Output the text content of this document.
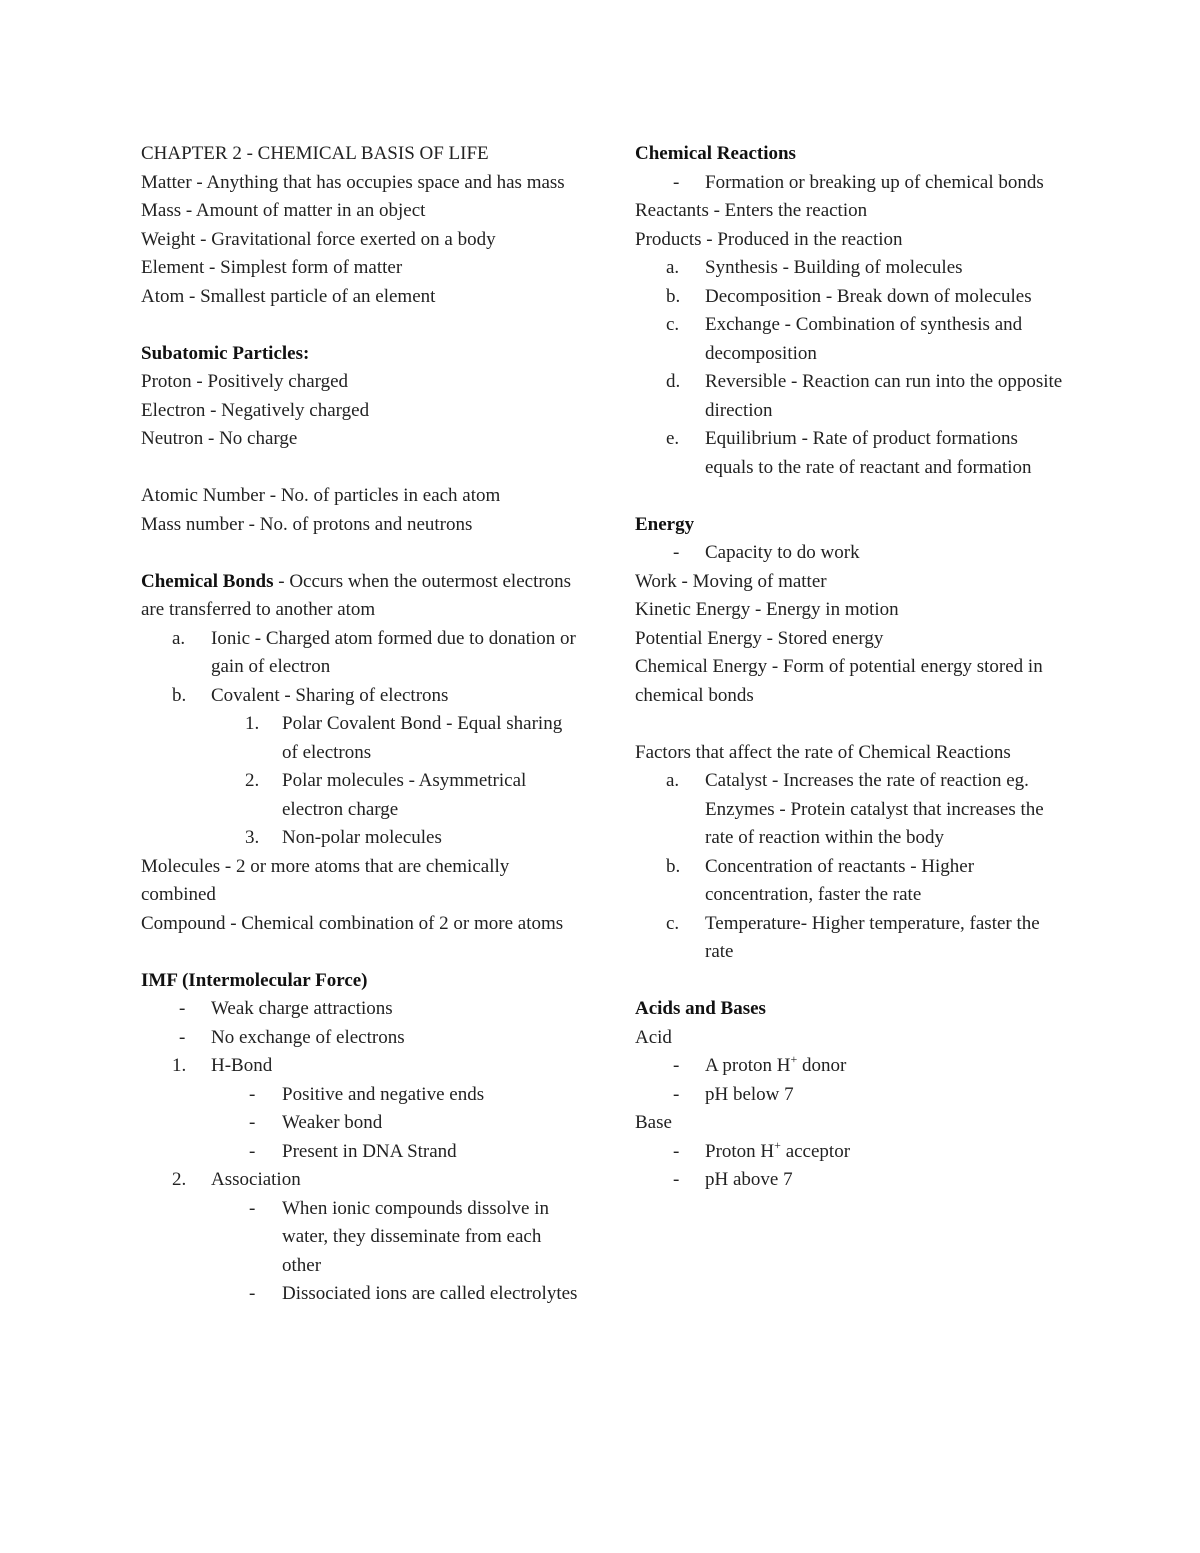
CHAPTER 2 - CHEMICAL BASIS OF LIFE

Matter - Anything that has occupies space and has mass

Mass - Amount of matter in an object

Weight - Gravitational force exerted on a body

Element - Simplest form of matter

Atom - Smallest particle of an element

Subatomic Particles:

Proton - Positively charged

Electron - Negatively charged

Neutron - No charge

Atomic Number - No. of particles in each atom

Mass number - No. of protons and neutrons

Chemical Bonds - Occurs when the outermost electrons are transferred to another atom

a. Ionic - Charged atom formed due to donation or gain of electron
b. Covalent - Sharing of electrons
1. Polar Covalent Bond - Equal sharing of electrons
2. Polar molecules - Asymmetrical electron charge
3. Non-polar molecules

Molecules - 2 or more atoms that are chemically combined

Compound - Chemical combination of 2 or more atoms

IMF (Intermolecular Force)

- Weak charge attractions
- No exchange of electrons
1. H-Bond
- Positive and negative ends
- Weaker bond
- Present in DNA Strand
2. Association
- When ionic compounds dissolve in water, they disseminate from each other
- Dissociated ions are called electrolytes

Chemical Reactions

- Formation or breaking up of chemical bonds

Reactants - Enters the reaction

Products - Produced in the reaction

a. Synthesis - Building of molecules
b. Decomposition - Break down of molecules
c. Exchange - Combination of synthesis and decomposition
d. Reversible - Reaction can run into the opposite direction
e. Equilibrium - Rate of product formations equals to the rate of reactant and formation

Energy

- Capacity to do work

Work - Moving of matter

Kinetic Energy - Energy in motion

Potential Energy - Stored energy

Chemical Energy - Form of potential energy stored in chemical bonds

Factors that affect the rate of Chemical Reactions

a. Catalyst - Increases the rate of reaction eg. Enzymes - Protein catalyst that increases the rate of reaction within the body
b. Concentration of reactants - Higher concentration, faster the rate
c. Temperature- Higher temperature, faster the rate

Acids and Bases

Acid

- A proton H+ donor
- pH below 7

Base

- Proton H+ acceptor
- pH above 7
